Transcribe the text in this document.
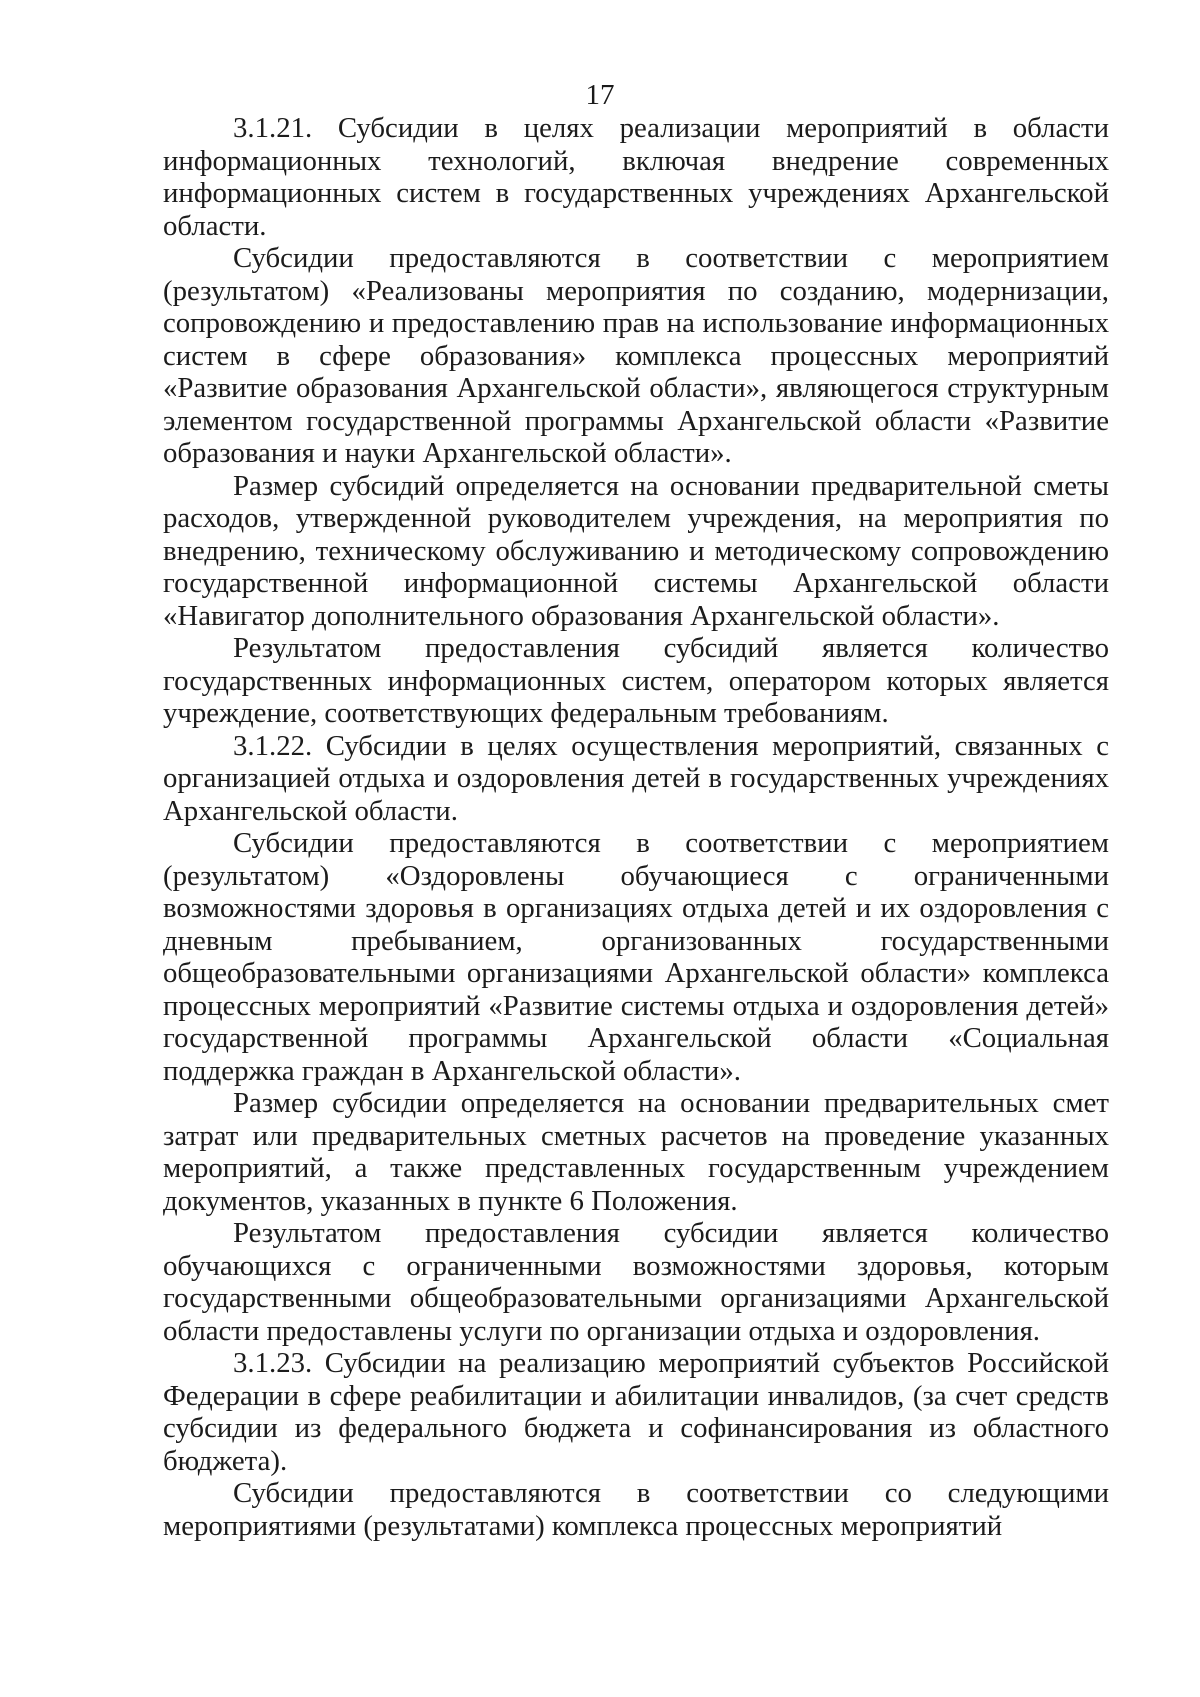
17

3.1.21. Субсидии в целях реализации мероприятий в области информационных технологий, включая внедрение современных информационных систем в государственных учреждениях Архангельской области.

Субсидии предоставляются в соответствии с мероприятием (результатом) «Реализованы мероприятия по созданию, модернизации, сопровождению и предоставлению прав на использование информационных систем в сфере образования» комплекса процессных мероприятий «Развитие образования Архангельской области», являющегося структурным элементом государственной программы Архангельской области «Развитие образования и науки Архангельской области».

Размер субсидий определяется на основании предварительной сметы расходов, утвержденной руководителем учреждения, на мероприятия по внедрению, техническому обслуживанию и методическому сопровождению государственной информационной системы Архангельской области «Навигатор дополнительного образования Архангельской области».

Результатом предоставления субсидий является количество государственных информационных систем, оператором которых является учреждение, соответствующих федеральным требованиям.

3.1.22. Субсидии в целях осуществления мероприятий, связанных с организацией отдыха и оздоровления детей в государственных учреждениях Архангельской области.

Субсидии предоставляются в соответствии с мероприятием (результатом) «Оздоровлены обучающиеся с ограниченными возможностями здоровья в организациях отдыха детей и их оздоровления с дневным пребыванием, организованных государственными общеобразовательными организациями Архангельской области» комплекса процессных мероприятий «Развитие системы отдыха и оздоровления детей» государственной программы Архангельской области «Социальная поддержка граждан в Архангельской области».

Размер субсидии определяется на основании предварительных смет затрат или предварительных сметных расчетов на проведение указанных мероприятий, а также представленных государственным учреждением документов, указанных в пункте 6 Положения.

Результатом предоставления субсидии является количество обучающихся с ограниченными возможностями здоровья, которым государственными общеобразовательными организациями Архангельской области предоставлены услуги по организации отдыха и оздоровления.

3.1.23. Субсидии на реализацию мероприятий субъектов Российской Федерации в сфере реабилитации и абилитации инвалидов, (за счет средств субсидии из федерального бюджета и софинансирования из областного бюджета).

Субсидии предоставляются в соответствии со следующими мероприятиями (результатами) комплекса процессных мероприятий
